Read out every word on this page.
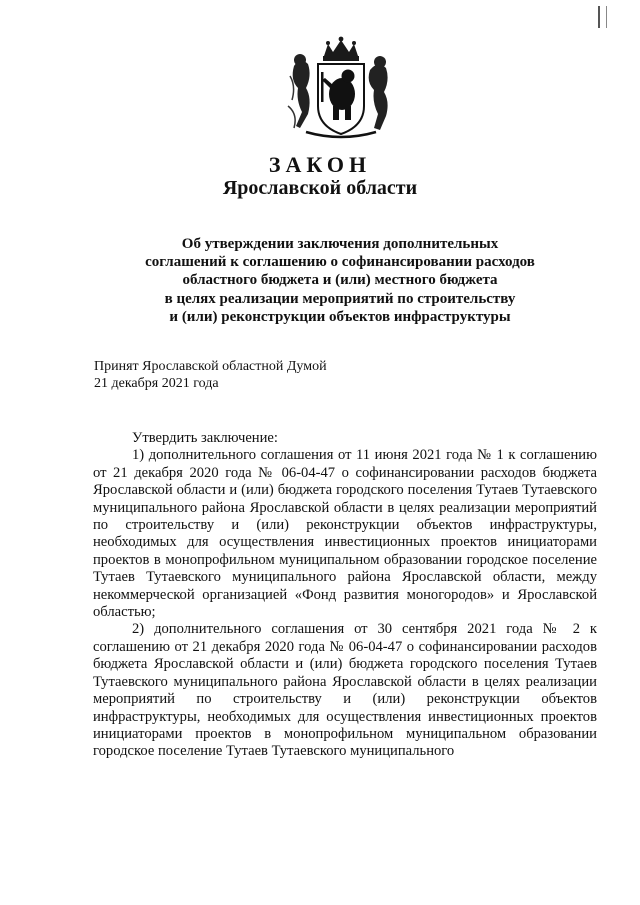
ЗАКОН
Ярославской области
Об утверждении заключения дополнительных
соглашений к соглашению о софинансировании расходов
областного бюджета и (или) местного бюджета
в целях реализации мероприятий по строительству
и (или) реконструкции объектов инфраструктуры
Принят Ярославской областной Думой
21 декабря 2021 года

Утвердить заключение:

1) дополнительного соглашения от 11 июня 2021 года № 1 к соглашению от 21 декабря 2020 года № 06-04-47 о софинансировании расходов бюджета Ярославской области и (или) бюджета городского поселения Тутаев Тутаевского муниципального района Ярославской области в целях реализации мероприятий по строительству и (или) реконструкции объектов инфраструктуры, необходимых для осуществления инвестиционных проектов инициаторами проектов в монопрофильном муниципальном образовании городское поселение Тутаев Тутаевского муниципального района Ярославской области, между некоммерческой организацией «Фонд развития моногородов» и Ярославской областью;

2) дополнительного соглашения от 30 сентября 2021 года № 2 к соглашению от 21 декабря 2020 года № 06-04-47 о софинансировании расходов бюджета Ярославской области и (или) бюджета городского поселения Тутаев Тутаевского муниципального района Ярославской области в целях реализации мероприятий по строительству и (или) реконструкции объектов инфраструктуры, необходимых для осуществления инвестиционных проектов инициаторами проектов в монопрофильном муниципальном образовании городское поселение Тутаев Тутаевского муниципального
